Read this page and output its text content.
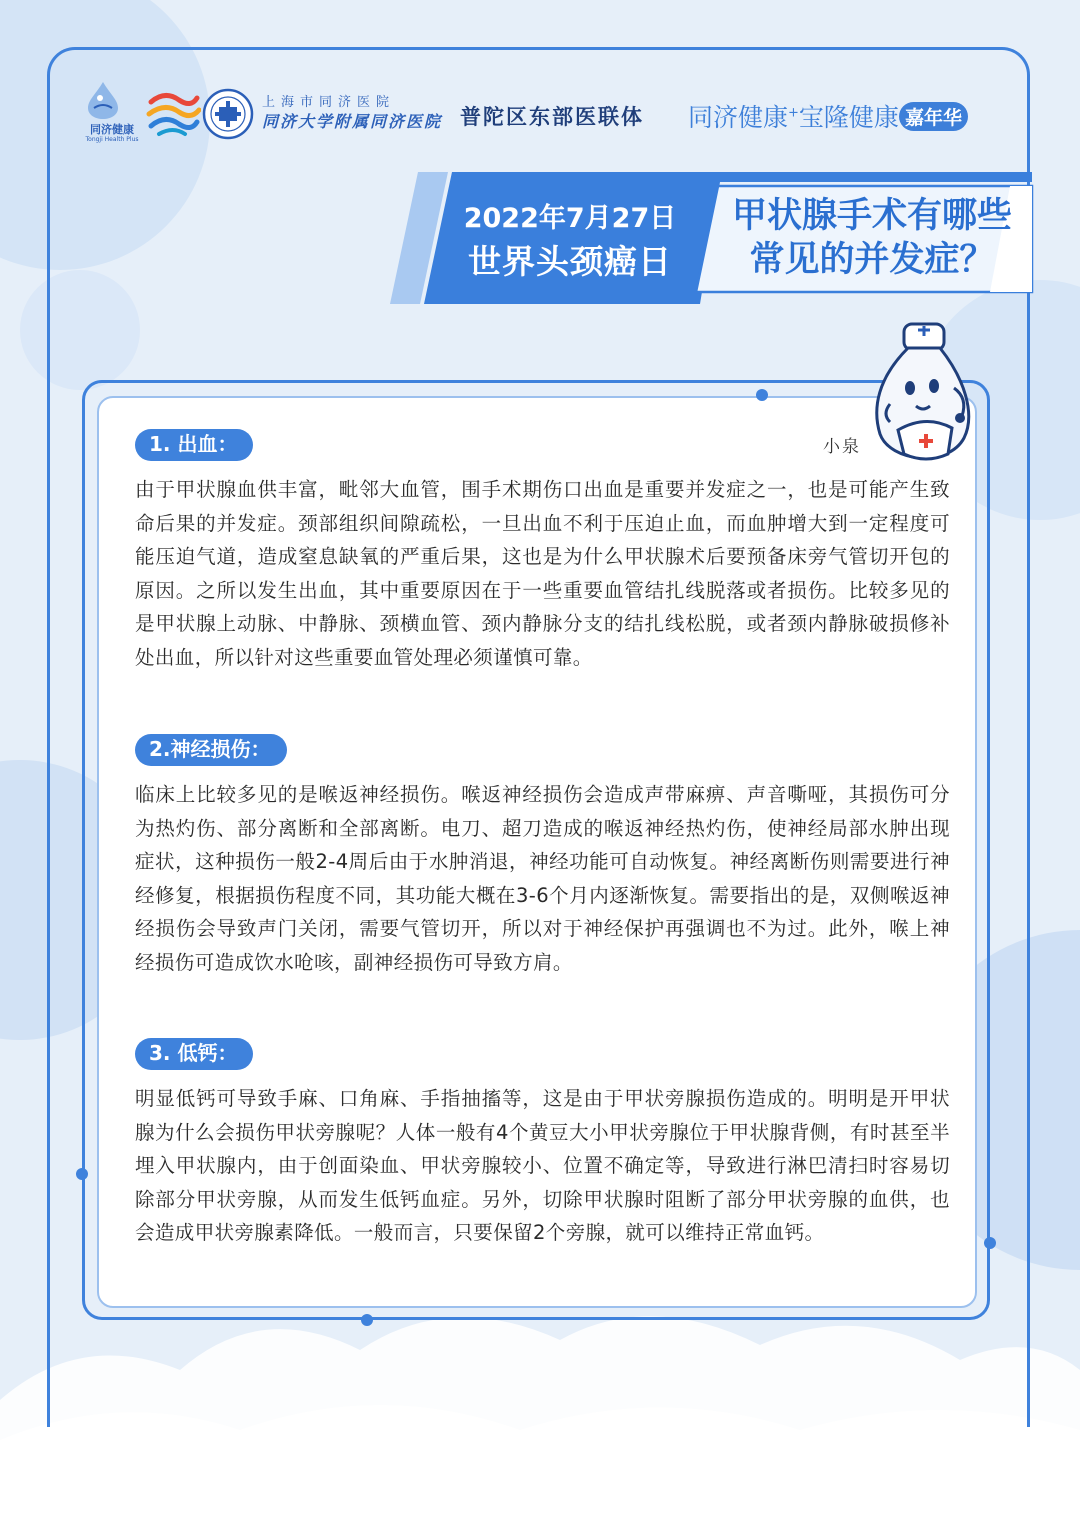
同济健康
Tongji Health Plus
上海市同济医院
同济大学附属同济医院 普陀区东部医联体 同济健康+宝隆健康 嘉年华
2022年7月27日
世界头颈癌日
甲状腺手术有哪些
常见的并发症？
小泉
1. 出血：

由于甲状腺血供丰富，毗邻大血管，围手术期伤口出血是重要并发症之一，也是可能产生致命后果的并发症。颈部组织间隙疏松，一旦出血不利于压迫止血，而血肿增大到一定程度可能压迫气道，造成窒息缺氧的严重后果，这也是为什么甲状腺术后要预备床旁气管切开包的原因。之所以发生出血，其中重要原因在于一些重要血管结扎线脱落或者损伤。比较多见的是甲状腺上动脉、中静脉、颈横血管、颈内静脉分支的结扎线松脱，或者颈内静脉破损修补处出血，所以针对这些重要血管处理必须谨慎可靠。

2.神经损伤：

临床上比较多见的是喉返神经损伤。喉返神经损伤会造成声带麻痹、声音嘶哑，其损伤可分为热灼伤、部分离断和全部离断。电刀、超刀造成的喉返神经热灼伤，使神经局部水肿出现症状，这种损伤一般2-4周后由于水肿消退，神经功能可自动恢复。神经离断伤则需要进行神经修复，根据损伤程度不同，其功能大概在3-6个月内逐渐恢复。需要指出的是，双侧喉返神经损伤会导致声门关闭，需要气管切开，所以对于神经保护再强调也不为过。此外，喉上神经损伤可造成饮水呛咳，副神经损伤可导致方肩。

3. 低钙：

明显低钙可导致手麻、口角麻、手指抽搐等，这是由于甲状旁腺损伤造成的。明明是开甲状腺为什么会损伤甲状旁腺呢？人体一般有4个黄豆大小甲状旁腺位于甲状腺背侧，有时甚至半埋入甲状腺内，由于创面染血、甲状旁腺较小、位置不确定等，导致进行淋巴清扫时容易切除部分甲状旁腺，从而发生低钙血症。另外，切除甲状腺时阻断了部分甲状旁腺的血供，也会造成甲状旁腺素降低。一般而言，只要保留2个旁腺，就可以维持正常血钙。
